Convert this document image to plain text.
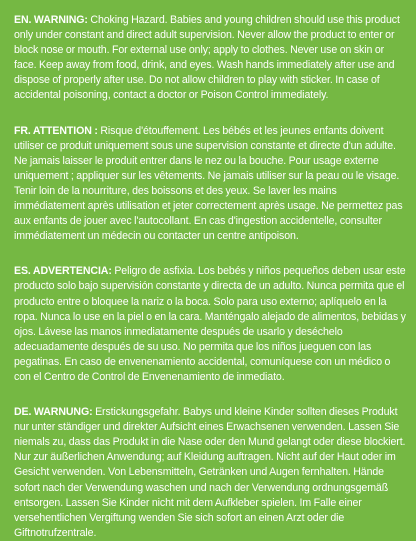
EN. WARNING: Choking Hazard. Babies and young children should use this product only under constant and direct adult supervision. Never allow the product to enter or block nose or mouth. For external use only; apply to clothes. Never use on skin or face. Keep away from food, drink, and eyes. Wash hands immediately after use and dispose of properly after use. Do not allow children to play with sticker. In case of accidental poisoning, contact a doctor or Poison Control immediately.

FR. ATTENTION : Risque d'étouffement. Les bébés et les jeunes enfants doivent utiliser ce produit uniquement sous une supervision constante et directe d'un adulte. Ne jamais laisser le produit entrer dans le nez ou la bouche. Pour usage externe uniquement ; appliquer sur les vêtements. Ne jamais utiliser sur la peau ou le visage. Tenir loin de la nourriture, des boissons et des yeux. Se laver les mains immédiatement après utilisation et jeter correctement après usage. Ne permettez pas aux enfants de jouer avec l'autocollant. En cas d'ingestion accidentelle, consulter immédiatement un médecin ou contacter un centre antipoison.

ES. ADVERTENCIA: Peligro de asfixia. Los bebés y niños pequeños deben usar este producto solo bajo supervisión constante y directa de un adulto. Nunca permita que el producto entre o bloquee la nariz o la boca. Solo para uso externo; aplíquelo en la ropa. Nunca lo use en la piel o en la cara. Manténgalo alejado de alimentos, bebidas y ojos. Lávese las manos inmediatamente después de usarlo y deséchelo adecuadamente después de su uso. No permita que los niños jueguen con las pegatinas. En caso de envenenamiento accidental, comuníquese con un médico o con el Centro de Control de Envenenamiento de inmediato.

DE. WARNUNG: Erstickungsgefahr. Babys und kleine Kinder sollten dieses Produkt nur unter ständiger und direkter Aufsicht eines Erwachsenen verwenden. Lassen Sie niemals zu, dass das Produkt in die Nase oder den Mund gelangt oder diese blockiert. Nur zur äußerlichen Anwendung; auf Kleidung auftragen. Nicht auf der Haut oder im Gesicht verwenden. Von Lebensmitteln, Getränken und Augen fernhalten. Hände sofort nach der Verwendung waschen und nach der Verwendung ordnungsgemäß entsorgen. Lassen Sie Kinder nicht mit dem Aufkleber spielen. Im Falle einer versehentlichen Vergiftung wenden Sie sich sofort an einen Arzt oder die Giftnotrufzentrale.
